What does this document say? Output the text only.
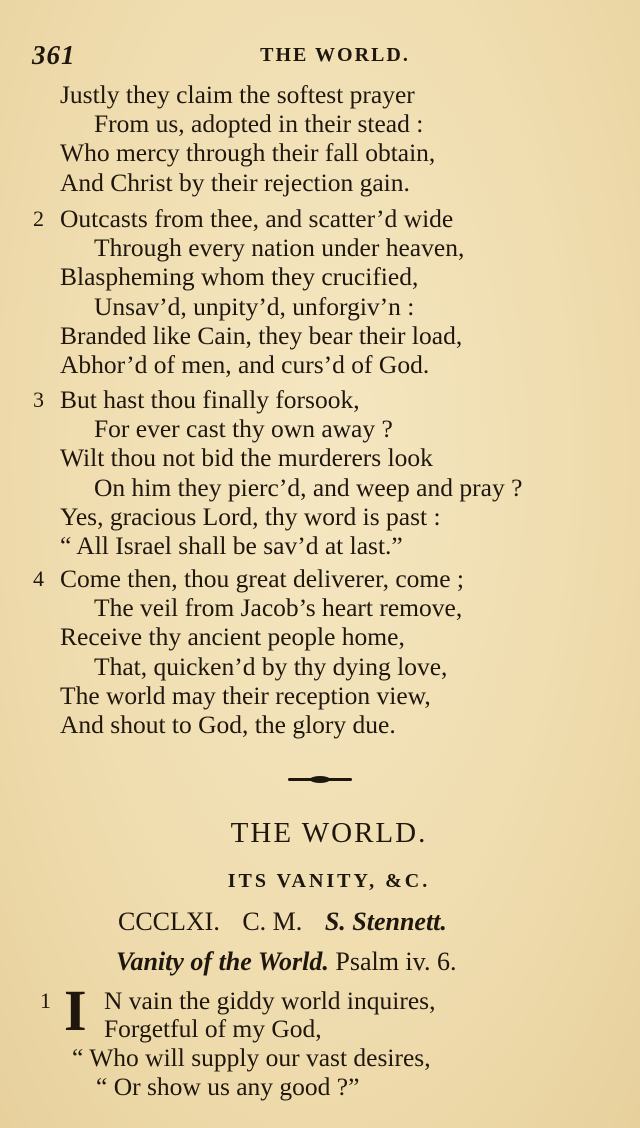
361	THE WORLD.
Justly they claim the softest prayer
From us, adopted in their stead :
Who mercy through their fall obtain,
And Christ by their rejection gain.
2 Outcasts from thee, and scatter’d wide
Through every nation under heaven,
Blaspheming whom they crucified,
Unsav’d, unpity’d, unforgiv’n :
Branded like Cain, they bear their load,
Abhor’d of men, and curs’d of God.
3 But hast thou finally forsook,
For ever cast thy own away ?
Wilt thou not bid the murderers look
On him they pierc’d, and weep and pray ?
Yes, gracious Lord, thy word is past :
“ All Israel shall be sav’d at last.”
4 Come then, thou great deliverer, come ;
The veil from Jacob’s heart remove,
Receive thy ancient people home,
That, quicken’d by thy dying love,
The world may their reception view,
And shout to God, the glory due.
THE WORLD.
ITS VANITY, &C.
CCCLXI. C. M. S. Stennett.
Vanity of the World. Psalm iv. 6.
1 I N vain the giddy world inquires,
Forgetful of my God,
“ Who will supply our vast desires,
“ Or show us any good ?”
